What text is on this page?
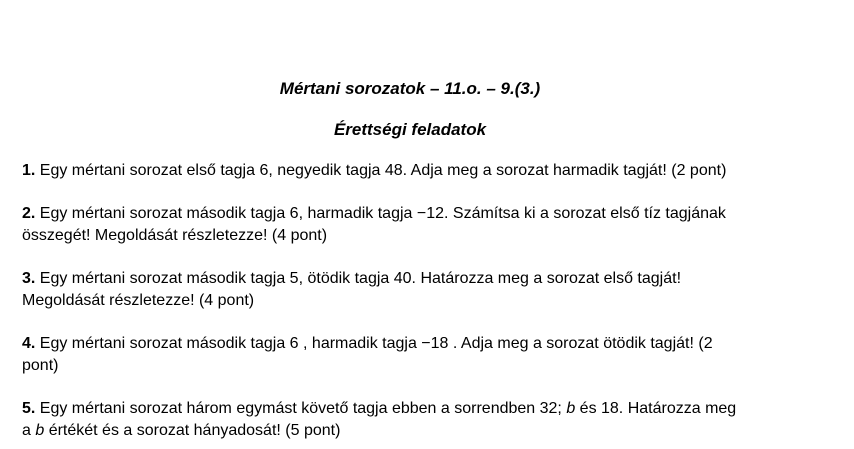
Mértani sorozatok – 11.o. – 9.(3.)

Érettségi feladatok

1. Egy mértani sorozat első tagja 6, negyedik tagja 48. Adja meg a sorozat harmadik tagját! (2 pont)

2. Egy mértani sorozat második tagja 6, harmadik tagja −12. Számítsa ki a sorozat első tíz tagjának
összegét! Megoldását részletezze! (4 pont)

3. Egy mértani sorozat második tagja 5, ötödik tagja 40. Határozza meg a sorozat első tagját!
Megoldását részletezze! (4 pont)

4. Egy mértani sorozat második tagja 6 , harmadik tagja −18 . Adja meg a sorozat ötödik tagját! (2
pont)

5. Egy mértani sorozat három egymást követő tagja ebben a sorrendben 32; b és 18. Határozza meg
a b értékét és a sorozat hányadosát! (5 pont)
